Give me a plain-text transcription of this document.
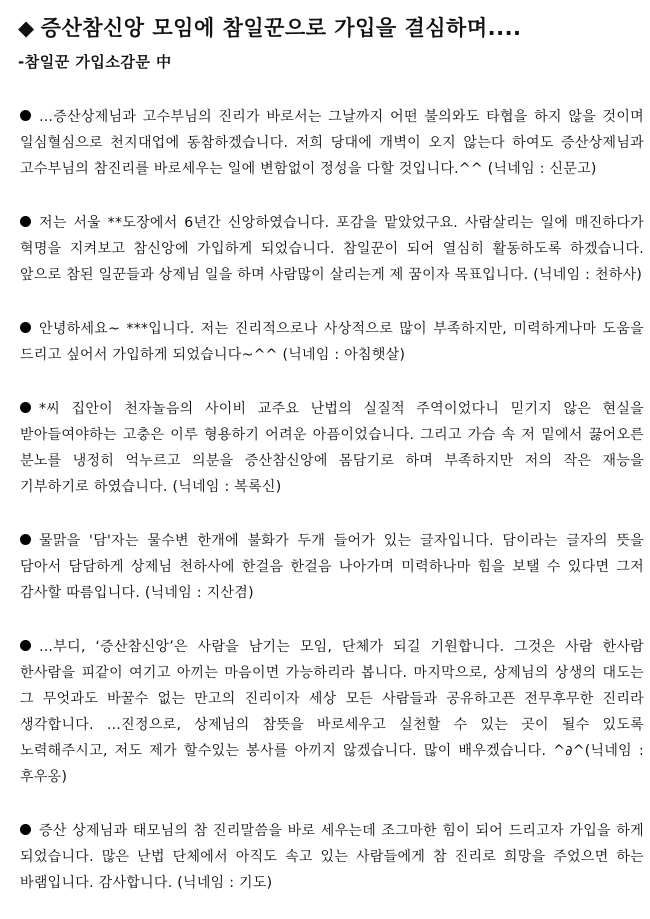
◆ 증산참신앙 모임에 참일꾼으로 가입을 결심하며....
-참일꾼 가입소감문 中

…증산상제님과 고수부님의 진리가 바로서는 그날까지 어떤 불의와도 타협을 하지 않을 것이며 일심혈심으로 천지대업에 동참하겠습니다. 저희 당대에 개벽이 오지 않는다 하여도 증산상제님과 고수부님의 참진리를 바로세우는 일에 변함없이 정성을 다할 것입니다.^^ (닉네임 : 신문고)

저는 서울 **도장에서 6년간 신앙하였습니다. 포감을 맡았었구요. 사람살리는 일에 매진하다가 혁명을 지켜보고 참신앙에 가입하게 되었습니다. 참일꾼이 되어 열심히 활동하도록 하겠습니다. 앞으로 참된 일꾼들과 상제님 일을 하며 사람많이 살리는게 제 꿈이자 목표입니다. (닉네임 : 천하사)

안녕하세요~ ***입니다. 저는 진리적으로나 사상적으로 많이 부족하지만, 미력하게나마 도움을 드리고 싶어서 가입하게 되었습니다~^^ (닉네임 : 아침햇살)

*씨 집안이 천자놀음의 사이비 교주요 난법의 실질적 주역이었다니 믿기지 않은 현실을 받아들여야하는 고충은 이루 형용하기 어려운 아픔이었습니다. 그리고 가슴 속 저 밑에서 끓어오른 분노를 냉정히 억누르고 의분을 증산참신앙에 몸담기로 하며 부족하지만 저의 작은 재능을 기부하기로 하였습니다. (닉네임 : 복록신)

물맑을 '담'자는 물수변 한개에 불화가 두개 들어가 있는 글자입니다. 담이라는 글자의 뜻을 담아서 담담하게 상제님 천하사에 한걸음 한걸음 나아가며 미력하나마 힘을 보탤 수 있다면 그저 감사할 따름입니다. (닉네임 : 지산겸)

…부디, ‘증산참신앙’은 사람을 남기는 모임, 단체가 되길 기원합니다. 그것은 사람 한사람 한사람을 피같이 여기고 아끼는 마음이면 가능하리라 봅니다. 마지막으로, 상제님의 상생의 대도는 그 무엇과도 바꿀수 없는 만고의 진리이자 세상 모든 사람들과 공유하고픈 전무후무한 진리라 생각합니다. …진정으로, 상제님의 참뜻을 바로세우고 실천할 수 있는 곳이 될수 있도록 노력해주시고, 저도 제가 할수있는 봉사를 아끼지 않겠습니다. 많이 배우겠습니다. ^∂^(닉네임 : 후우옹)

증산 상제님과 태모님의 참 진리말씀을 바로 세우는데 조그마한 힘이 되어 드리고자 가입을 하게 되었습니다. 많은 난법 단체에서 아직도 속고 있는 사람들에게 참 진리로 희망을 주었으면 하는 바램입니다. 감사합니다. (닉네임 : 기도)
